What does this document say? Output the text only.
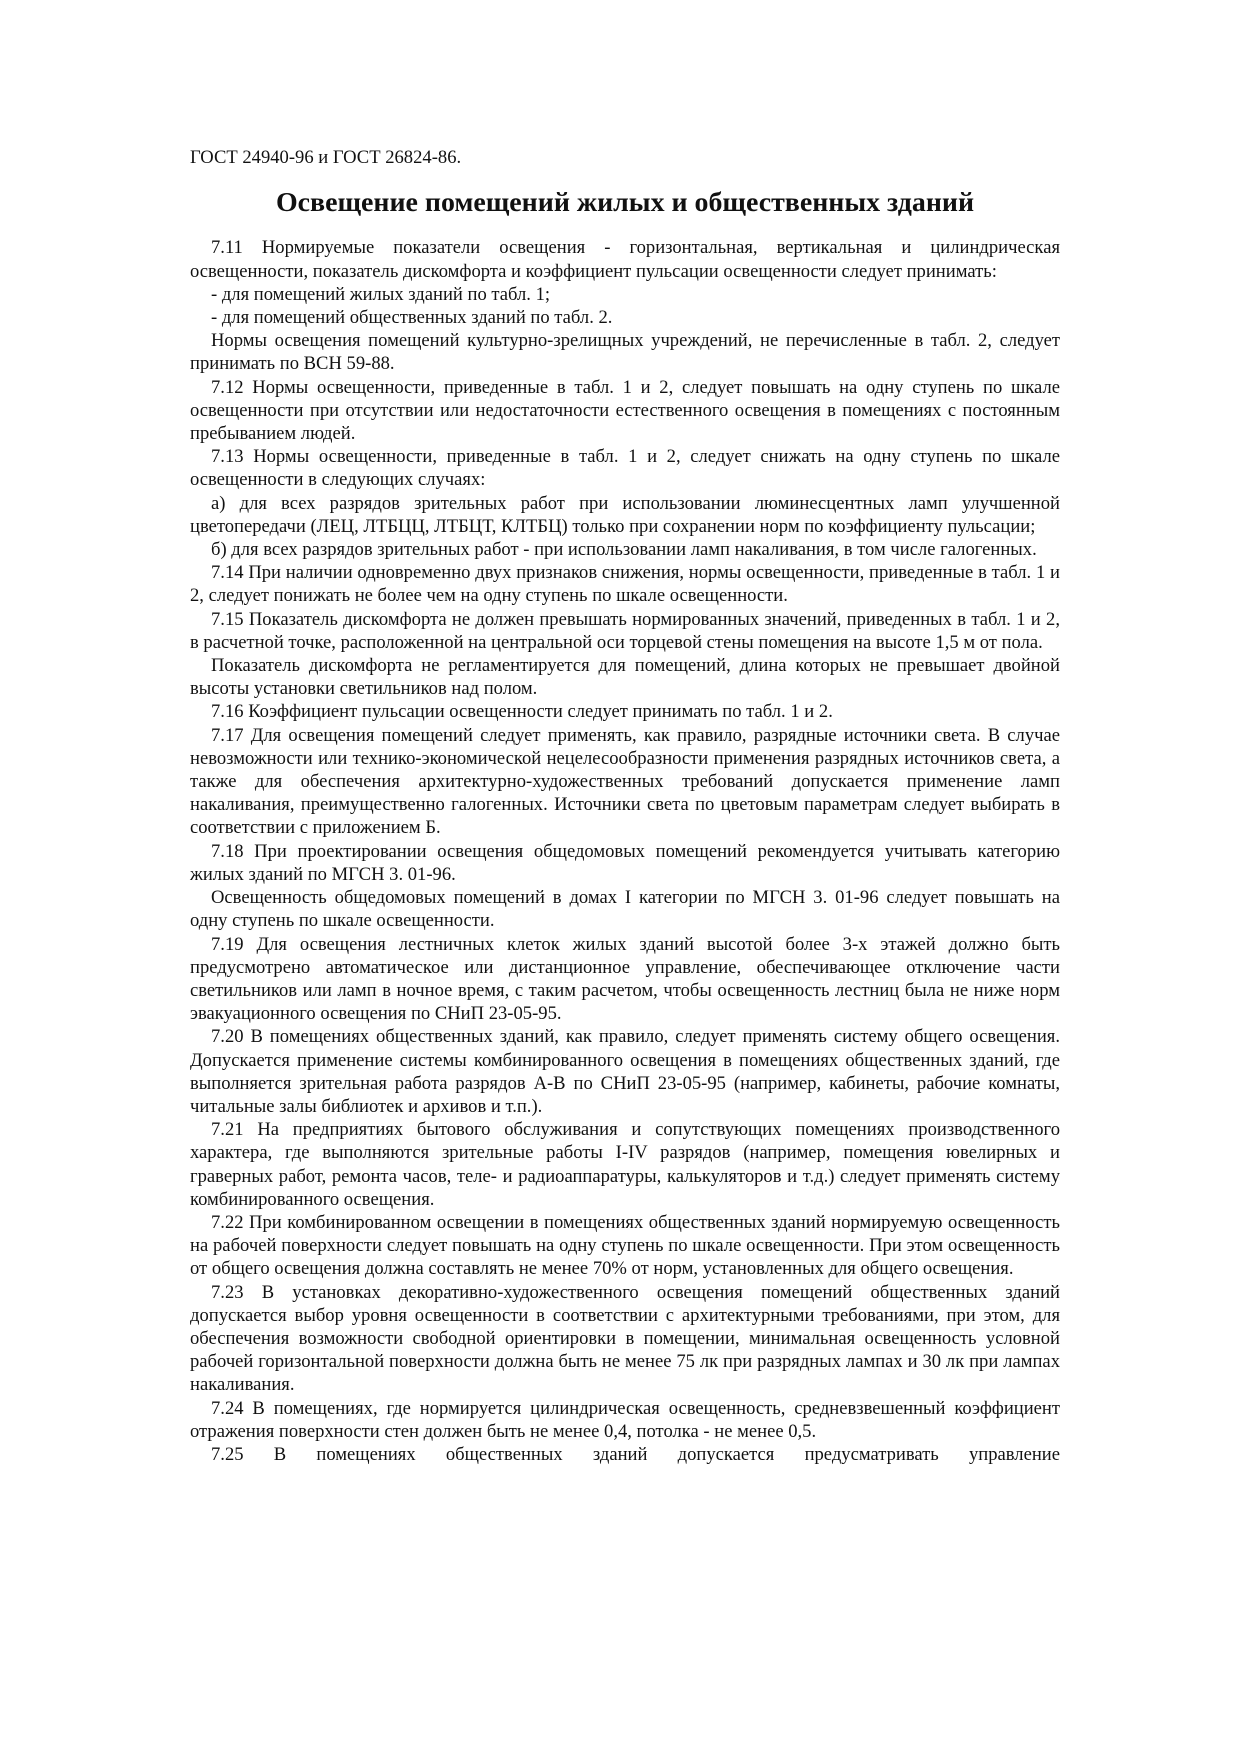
ГОСТ 24940-96 и ГОСТ 26824-86.

Освещение помещений жилых и общественных зданий

7.11 Нормируемые показатели освещения - горизонтальная, вертикальная и цилиндрическая освещенности, показатель дискомфорта и коэффициент пульсации освещенности следует принимать:

- для помещений жилых зданий по табл. 1;

- для помещений общественных зданий по табл. 2.

Нормы освещения помещений культурно-зрелищных учреждений, не перечисленные в табл. 2, следует принимать по ВСН 59-88.

7.12 Нормы освещенности, приведенные в табл. 1 и 2, следует повышать на одну ступень по шкале освещенности при отсутствии или недостаточности естественного освещения в помещениях с постоянным пребыванием людей.

7.13 Нормы освещенности, приведенные в табл. 1 и 2, следует снижать на одну ступень по шкале освещенности в следующих случаях:

а) для всех разрядов зрительных работ при использовании люминесцентных ламп улучшенной цветопередачи (ЛЕЦ, ЛТБЦЦ, ЛТБЦТ, КЛТБЦ) только при сохранении норм по коэффициенту пульсации;

б) для всех разрядов зрительных работ - при использовании ламп накаливания, в том числе галогенных.

7.14 При наличии одновременно двух признаков снижения, нормы освещенности, приведенные в табл. 1 и 2, следует понижать не более чем на одну ступень по шкале освещенности.

7.15 Показатель дискомфорта не должен превышать нормированных значений, приведенных в табл. 1 и 2, в расчетной точке, расположенной на центральной оси торцевой стены помещения на высоте 1,5 м от пола.

Показатель дискомфорта не регламентируется для помещений, длина которых не превышает двойной высоты установки светильников над полом.

7.16 Коэффициент пульсации освещенности следует принимать по табл. 1 и 2.

7.17 Для освещения помещений следует применять, как правило, разрядные источники света. В случае невозможности или технико-экономической нецелесообразности применения разрядных источников света, а также для обеспечения архитектурно-художественных требований допускается применение ламп накаливания, преимущественно галогенных. Источники света по цветовым параметрам следует выбирать в соответствии с приложением Б.

7.18 При проектировании освещения общедомовых помещений рекомендуется учитывать категорию жилых зданий по МГСН 3. 01-96.

Освещенность общедомовых помещений в домах I категории по МГСН 3. 01-96 следует повышать на одну ступень по шкале освещенности.

7.19 Для освещения лестничных клеток жилых зданий высотой более 3-х этажей должно быть предусмотрено автоматическое или дистанционное управление, обеспечивающее отключение части светильников или ламп в ночное время, с таким расчетом, чтобы освещенность лестниц была не ниже норм эвакуационного освещения по СНиП 23-05-95.

7.20 В помещениях общественных зданий, как правило, следует применять систему общего освещения. Допускается применение системы комбинированного освещения в помещениях общественных зданий, где выполняется зрительная работа разрядов А-В по СНиП 23-05-95 (например, кабинеты, рабочие комнаты, читальные залы библиотек и архивов и т.п.).

7.21 На предприятиях бытового обслуживания и сопутствующих помещениях производственного характера, где выполняются зрительные работы I-IV разрядов (например, помещения ювелирных и граверных работ, ремонта часов, теле- и радиоаппаратуры, калькуляторов и т.д.) следует применять систему комбинированного освещения.

7.22 При комбинированном освещении в помещениях общественных зданий нормируемую освещенность на рабочей поверхности следует повышать на одну ступень по шкале освещенности. При этом освещенность от общего освещения должна составлять не менее 70% от норм, установленных для общего освещения.

7.23 В установках декоративно-художественного освещения помещений общественных зданий допускается выбор уровня освещенности в соответствии с архитектурными требованиями, при этом, для обеспечения возможности свободной ориентировки в помещении, минимальная освещенность условной рабочей горизонтальной поверхности должна быть не менее 75 лк при разрядных лампах и 30 лк при лампах накаливания.

7.24 В помещениях, где нормируется цилиндрическая освещенность, средневзвешенный коэффициент отражения поверхности стен должен быть не менее 0,4, потолка - не менее 0,5.

7.25 В помещениях общественных зданий допускается предусматривать управление
